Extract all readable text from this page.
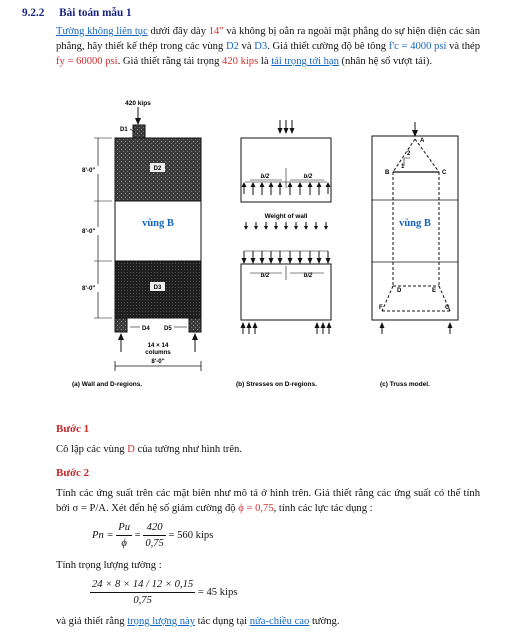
9.2.2 Bài toán mẫu 1
Tường không liên tục dưới đây dày 14" và không bị oằn ra ngoài mặt phẳng do sự hiện diện các sàn phẳng, hãy thiết kế thép trong các vùng D2 và D3. Giả thiết cường độ bê tông f'c = 4000 psi và thép fy = 60000 psi. Giả thiết rằng tải trọng 420 kips là tải trọng tới hạn (nhân hệ số vượt tải).
420 kips
D1
D2
vùng B
D3
D4 D5
14 × 14
columns
8'-0"
8'-0"
8'-0"
8'-0"
b/2	b/2
Weight of wall
b/2	b/2
2
1
A
B	C
D	E
F	G
vùng B
(a) Wall and D-regions.	(b) Stresses on D-regions.	(c) Truss model.
Bước 1
Cô lập các vùng D của tường như hình trên.
Bước 2
Tính các ứng suất trên các mặt biên như mô tả ở hình trên. Giả thiết rằng các ứng suất có thể tính bởi σ = P/A. Xét đến hệ số giảm cường độ ϕ = 0,75, tính các lực tác dụng :
$Pn = \frac{Pu}{\phi} = \frac{420}{0,75} = 560$ kips
Tính trọng lượng tường :
$\frac{24 \times 8 \times 14 / 12 \times 0,15}{0,75} = 45$ kips
và giả thiết rằng trọng lượng này tác dụng tại nửa-chiều cao tường.
